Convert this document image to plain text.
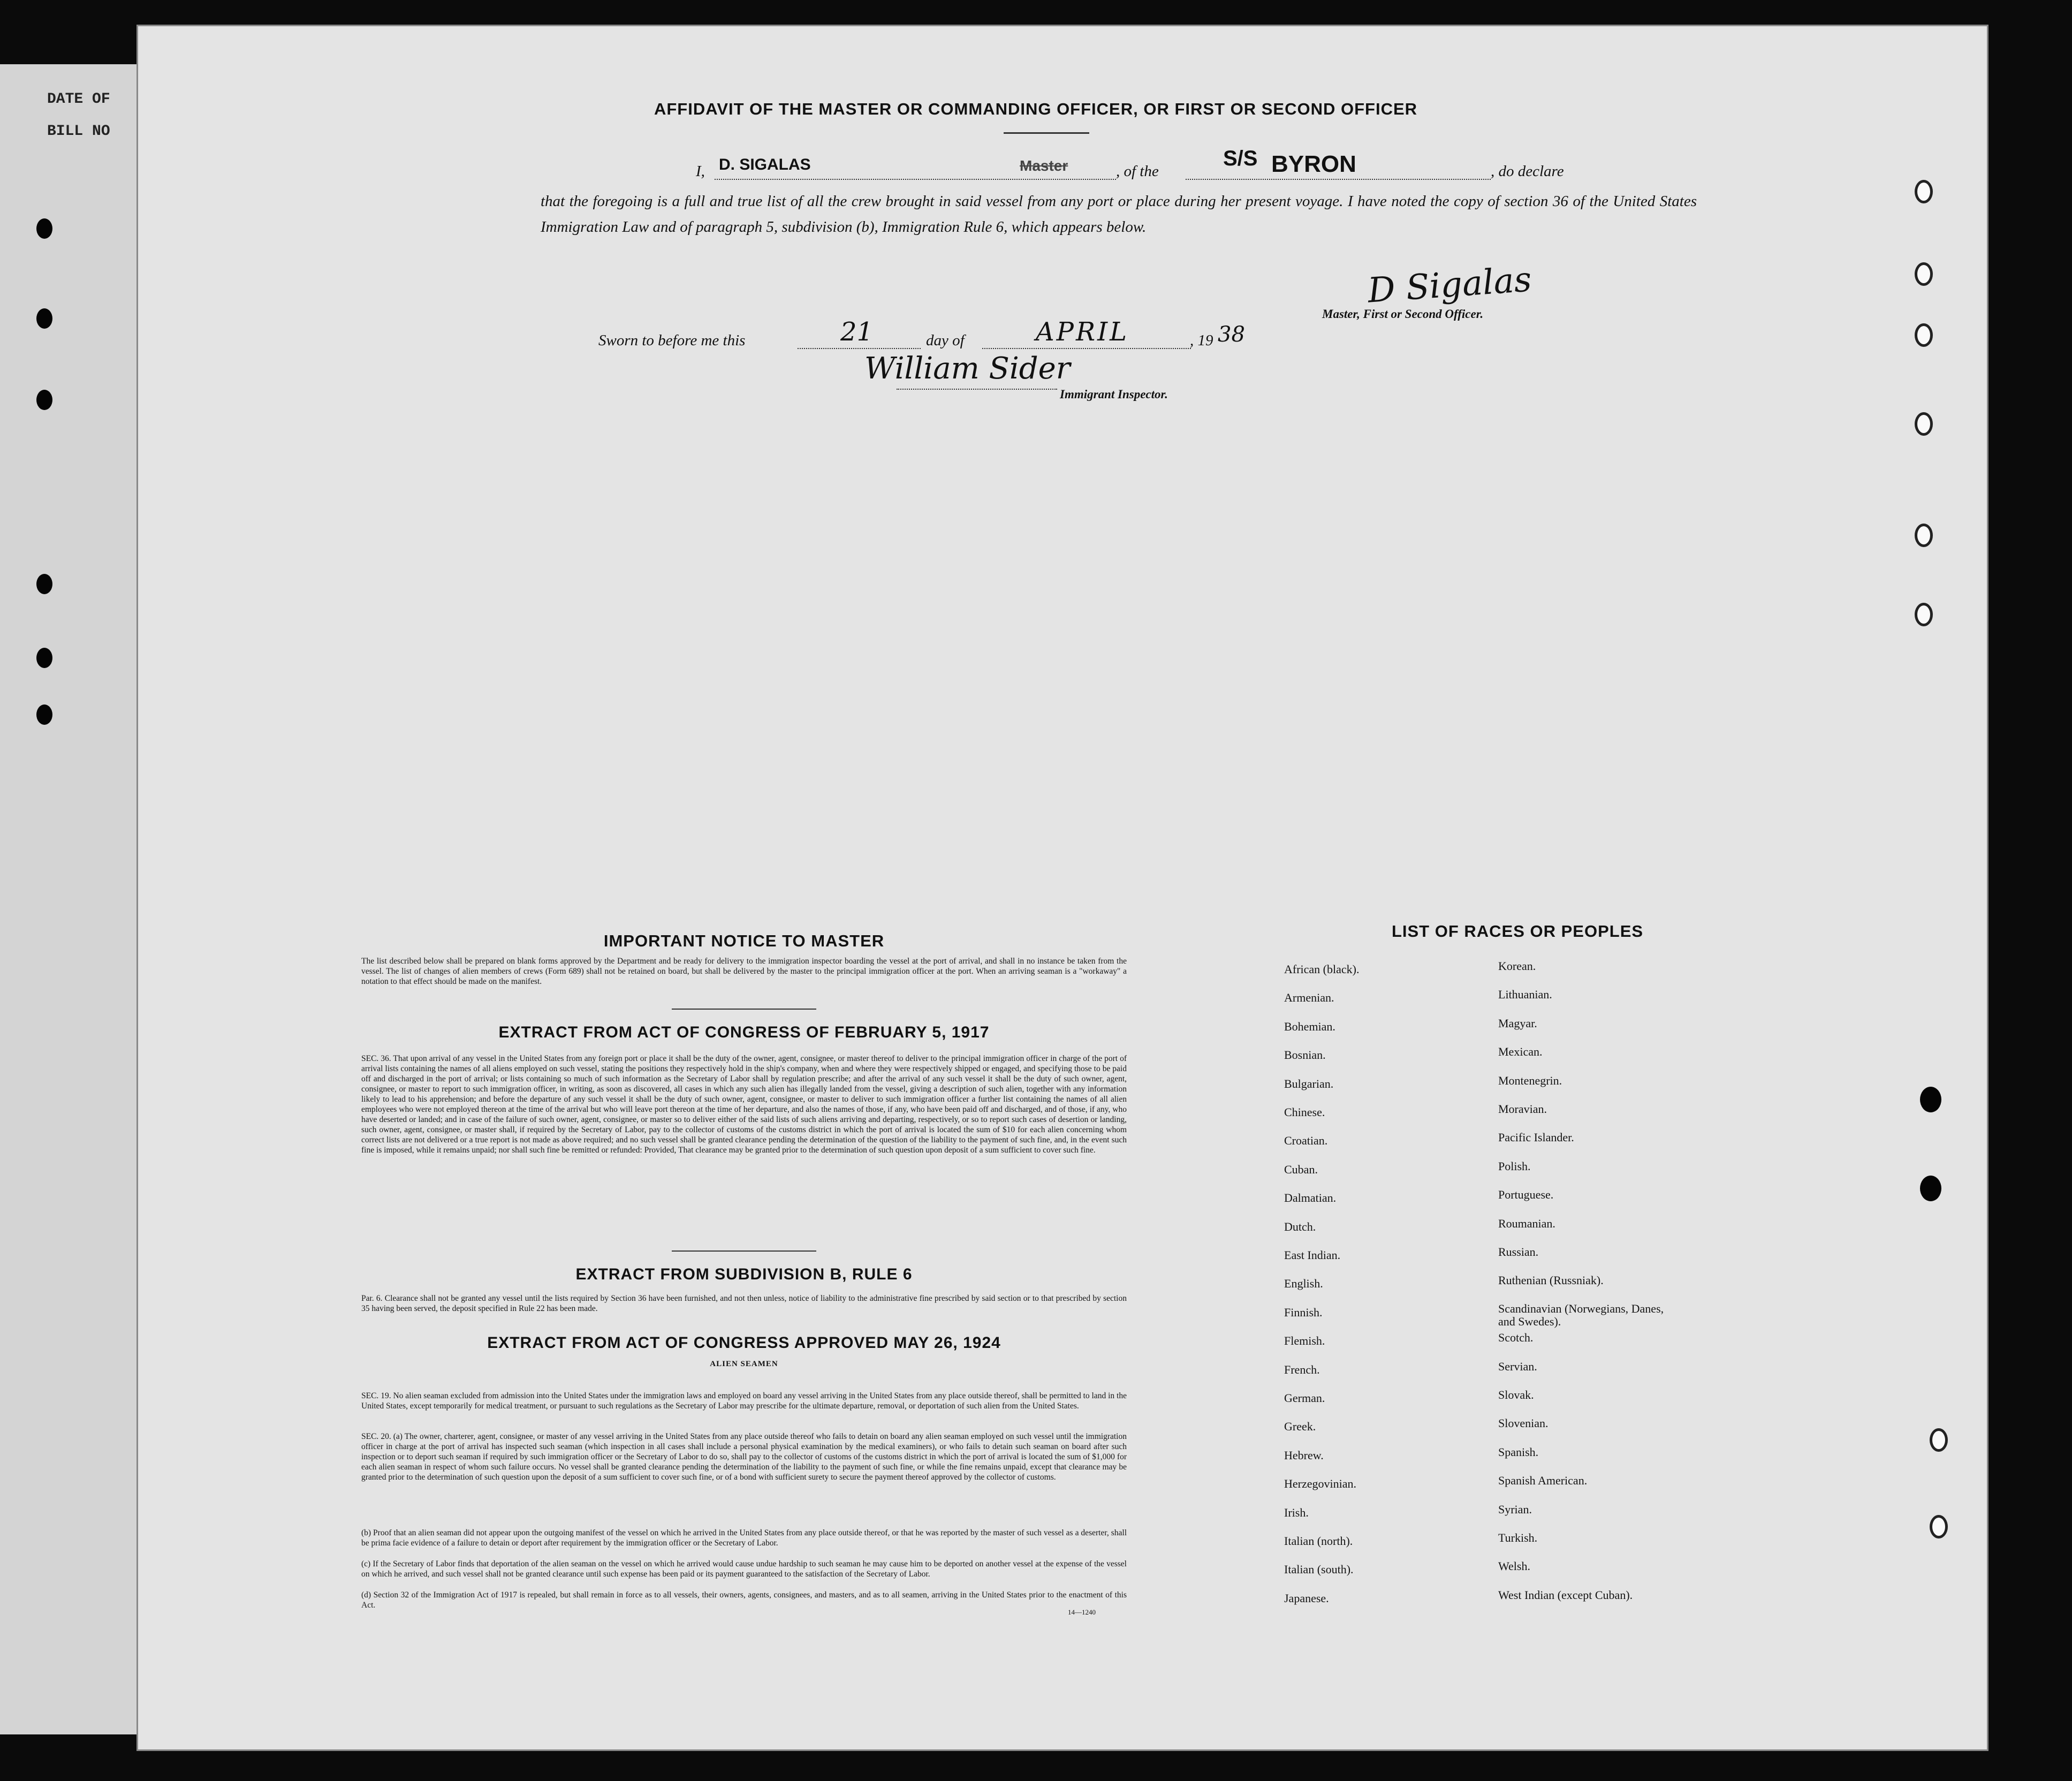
DATE OF
BILL NO
AFFIDAVIT OF THE MASTER OR COMMANDING OFFICER, OR FIRST OR SECOND OFFICER
I, D. SIGALAS	Master	, of the
S/S BYRON	, do declare
that the foregoing is a full and true list of all the crew brought in said vessel from any port or place during her present voyage. I have noted the copy of section 36 of the United States Immigration Law and of paragraph 5, subdivision (b), Immigration Rule 6, which appears below.
D Sigalas
Master, First or Second Officer.
Sworn to before me this	21	day of	APRIL	, 19 38
William Sider
Immigrant Inspector.
IMPORTANT NOTICE TO MASTER
The list described below shall be prepared on blank forms approved by the Department and be ready for delivery to the immigration inspector boarding the vessel at the port of arrival, and shall in no instance be taken from the vessel. The list of changes of alien members of crews (Form 689) shall not be retained on board, but shall be delivered by the master to the principal immigration officer at the port. When an arriving seaman is a "workaway" a notation to that effect should be made on the manifest.
EXTRACT FROM ACT OF CONGRESS OF FEBRUARY 5, 1917
SEC. 36. That upon arrival of any vessel in the United States from any foreign port or place it shall be the duty of the owner, agent, consignee, or master thereof to deliver to the principal immigration officer in charge of the port of arrival lists containing the names of all aliens employed on such vessel, stating the positions they respectively hold in the ship's company, when and where they were respectively shipped or engaged, and specifying those to be paid off and discharged in the port of arrival; or lists containing so much of such information as the Secretary of Labor shall by regulation prescribe; and after the arrival of any such vessel it shall be the duty of such owner, agent, consignee, or master to report to such immigration officer, in writing, as soon as discovered, all cases in which any such alien has illegally landed from the vessel, giving a description of such alien, together with any information likely to lead to his apprehension; and before the departure of any such vessel it shall be the duty of such owner, agent, consignee, or master to deliver to such immigration officer a further list containing the names of all alien employees who were not employed thereon at the time of the arrival but who will leave port thereon at the time of her departure, and also the names of those, if any, who have been paid off and discharged, and of those, if any, who have deserted or landed; and in case of the failure of such owner, agent, consignee, or master so to deliver either of the said lists of such aliens arriving and departing, respectively, or so to report such cases of desertion or landing, such owner, agent, consignee, or master shall, if required by the Secretary of Labor, pay to the collector of customs of the customs district in which the port of arrival is located the sum of $10 for each alien concerning whom correct lists are not delivered or a true report is not made as above required; and no such vessel shall be granted clearance pending the determination of the question of the liability to the payment of such fine, and, in the event such fine is imposed, while it remains unpaid; nor shall such fine be remitted or refunded: Provided, That clearance may be granted prior to the determination of such question upon deposit of a sum sufficient to cover such fine.
EXTRACT FROM SUBDIVISION B, RULE 6
Par. 6. Clearance shall not be granted any vessel until the lists required by Section 36 have been furnished, and not then unless, notice of liability to the administrative fine prescribed by said section or to that prescribed by section 35 having been served, the deposit specified in Rule 22 has been made.
EXTRACT FROM ACT OF CONGRESS APPROVED MAY 26, 1924
ALIEN SEAMEN
SEC. 19. No alien seaman excluded from admission into the United States under the immigration laws and employed on board any vessel arriving in the United States from any place outside thereof, shall be permitted to land in the United States, except temporarily for medical treatment, or pursuant to such regulations as the Secretary of Labor may prescribe for the ultimate departure, removal, or deportation of such alien from the United States.
SEC. 20. (a) The owner, charterer, agent, consignee, or master of any vessel arriving in the United States from any place outside thereof who fails to detain on board any alien seaman employed on such vessel until the immigration officer in charge at the port of arrival has inspected such seaman (which inspection in all cases shall include a personal physical examination by the medical examiners), or who fails to detain such seaman on board after such inspection or to deport such seaman if required by such immigration officer or the Secretary of Labor to do so, shall pay to the collector of customs of the customs district in which the port of arrival is located the sum of $1,000 for each alien seaman in respect of whom such failure occurs. No vessel shall be granted clearance pending the determination of the liability to the payment of such fine, or while the fine remains unpaid, except that clearance may be granted prior to the determination of such question upon the deposit of a sum sufficient to cover such fine, or of a bond with sufficient surety to secure the payment thereof approved by the collector of customs.
(b) Proof that an alien seaman did not appear upon the outgoing manifest of the vessel on which he arrived in the United States from any place outside thereof, or that he was reported by the master of such vessel as a deserter, shall be prima facie evidence of a failure to detain or deport after requirement by the immigration officer or the Secretary of Labor.
(c) If the Secretary of Labor finds that deportation of the alien seaman on the vessel on which he arrived would cause undue hardship to such seaman he may cause him to be deported on another vessel at the expense of the vessel on which he arrived, and such vessel shall not be granted clearance until such expense has been paid or its payment guaranteed to the satisfaction of the Secretary of Labor.
(d) Section 32 of the Immigration Act of 1917 is repealed, but shall remain in force as to all vessels, their owners, agents, consignees, and masters, and as to all seamen, arriving in the United States prior to the enactment of this Act.
14—1240
LIST OF RACES OR PEOPLES
African (black).
Armenian.
Bohemian.
Bosnian.
Bulgarian.
Chinese.
Croatian.
Cuban.
Dalmatian.
Dutch.
East Indian.
English.
Finnish.
Flemish.
French.
German.
Greek.
Hebrew.
Herzegovinian.
Irish.
Italian (north).
Italian (south).
Japanese.
Korean.
Lithuanian.
Magyar.
Mexican.
Montenegrin.
Moravian.
Pacific Islander.
Polish.
Portuguese.
Roumanian.
Russian.
Ruthenian (Russniak).
Scandinavian (Norwegians, Danes, and Swedes).
Scotch.
Servian.
Slovak.
Slovenian.
Spanish.
Spanish American.
Syrian.
Turkish.
Welsh.
West Indian (except Cuban).
